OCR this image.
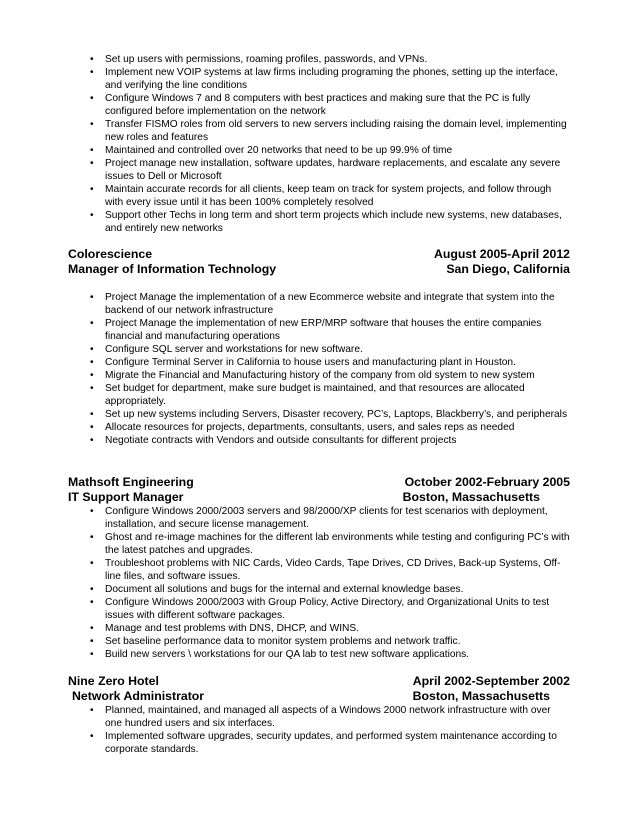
• Set up users with permissions, roaming profiles, passwords, and VPNs.
• Implement new VOIP systems at law firms including programing the phones, setting up the interface, and verifying the line conditions
• Configure Windows 7 and 8 computers with best practices and making sure that the PC is fully configured before implementation on the network
• Transfer FISMO roles from old servers to new servers including raising the domain level, implementing new roles and features
• Maintained and controlled over 20 networks that need to be up 99.9% of time
• Project manage new installation, software updates, hardware replacements, and escalate any severe issues to Dell or Microsoft
• Maintain accurate records for all clients, keep team on track for system projects, and follow through with every issue until it has been 100% completely resolved
• Support other Techs in long term and short term projects which include new systems, new databases, and entirely new networks
Colorescience	August 2005-April 2012
Manager of Information Technology	San Diego, California
• Project Manage the implementation of a new Ecommerce website and integrate that system into the backend of our network infrastructure
• Project Manage the implementation of new ERP/MRP software that houses the entire companies financial and manufacturing operations
• Configure SQL server and workstations for new software.
• Configure Terminal Server in California to house users and manufacturing plant in Houston.
• Migrate the Financial and Manufacturing history of the company from old system to new system
• Set budget for department, make sure budget is maintained, and that resources are allocated appropriately.
• Set up new systems including Servers, Disaster recovery, PC’s, Laptops, Blackberry’s, and peripherals
• Allocate resources for projects, departments, consultants, users, and sales reps as needed
• Negotiate contracts with Vendors and outside consultants for different projects
Mathsoft Engineering	October 2002-February 2005
IT Support Manager	Boston, Massachusetts
• Configure Windows 2000/2003 servers and 98/2000/XP clients for test scenarios with deployment, installation, and secure license management.
• Ghost and re-image machines for the different lab environments while testing and configuring PC’s with the latest patches and upgrades.
• Troubleshoot problems with NIC Cards, Video Cards, Tape Drives, CD Drives, Back-up Systems, Off-line files, and software issues.
• Document all solutions and bugs for the internal and external knowledge bases.
• Configure Windows 2000/2003 with Group Policy, Active Directory, and Organizational Units to test issues with different software packages.
• Manage and test problems with DNS, DHCP, and WINS.
• Set baseline performance data to monitor system problems and network traffic.
• Build new servers \ workstations for our QA lab to test new software applications.
Nine Zero Hotel	April 2002-September 2002
Network Administrator	Boston, Massachusetts
• Planned, maintained, and managed all aspects of a Windows 2000 network infrastructure with over one hundred users and six interfaces.
• Implemented software upgrades, security updates, and performed system maintenance according to corporate standards.
